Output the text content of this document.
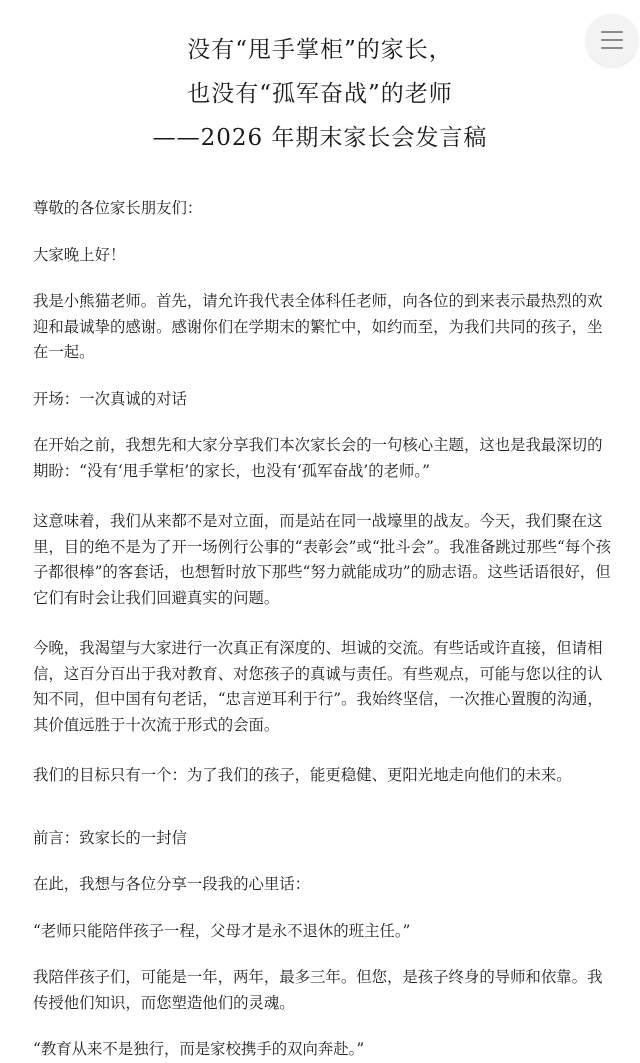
没有“甩手掌柜”的家长，
也没有“孤军奋战”的老师
——2026 年期末家长会发言稿

尊敬的各位家长朋友们：

大家晚上好！

我是小熊猫老师。首先，请允许我代表全体科任老师，向各位的到来表示最热烈的欢迎和最诚挚的感谢。感谢你们在学期末的繁忙中，如约而至，为我们共同的孩子，坐在一起。

开场：一次真诚的对话

在开始之前，我想先和大家分享我们本次家长会的一句核心主题，这也是我最深切的期盼：“没有‘甩手掌柜’的家长，也没有‘孤军奋战’的老师。”

这意味着，我们从来都不是对立面，而是站在同一战壕里的战友。今天，我们聚在这里，目的绝不是为了开一场例行公事的“表彰会”或“批斗会”。我准备跳过那些“每个孩子都很棒”的客套话，也想暂时放下那些“努力就能成功”的励志语。这些话语很好，但它们有时会让我们回避真实的问题。

今晚，我渴望与大家进行一次真正有深度的、坦诚的交流。有些话或许直接，但请相信，这百分百出于我对教育、对您孩子的真诚与责任。有些观点，可能与您以往的认知不同，但中国有句老话，“忠言逆耳利于行”。我始终坚信，一次推心置腹的沟通，其价值远胜于十次流于形式的会面。

我们的目标只有一个：为了我们的孩子，能更稳健、更阳光地走向他们的未来。

前言：致家长的一封信

在此，我想与各位分享一段我的心里话：

“老师只能陪伴孩子一程，父母才是永不退休的班主任。”

我陪伴孩子们，可能是一年，两年，最多三年。但您，是孩子终身的导师和依靠。我传授他们知识，而您塑造他们的灵魂。

“教育从来不是独行，而是家校携手的双向奔赴。”
